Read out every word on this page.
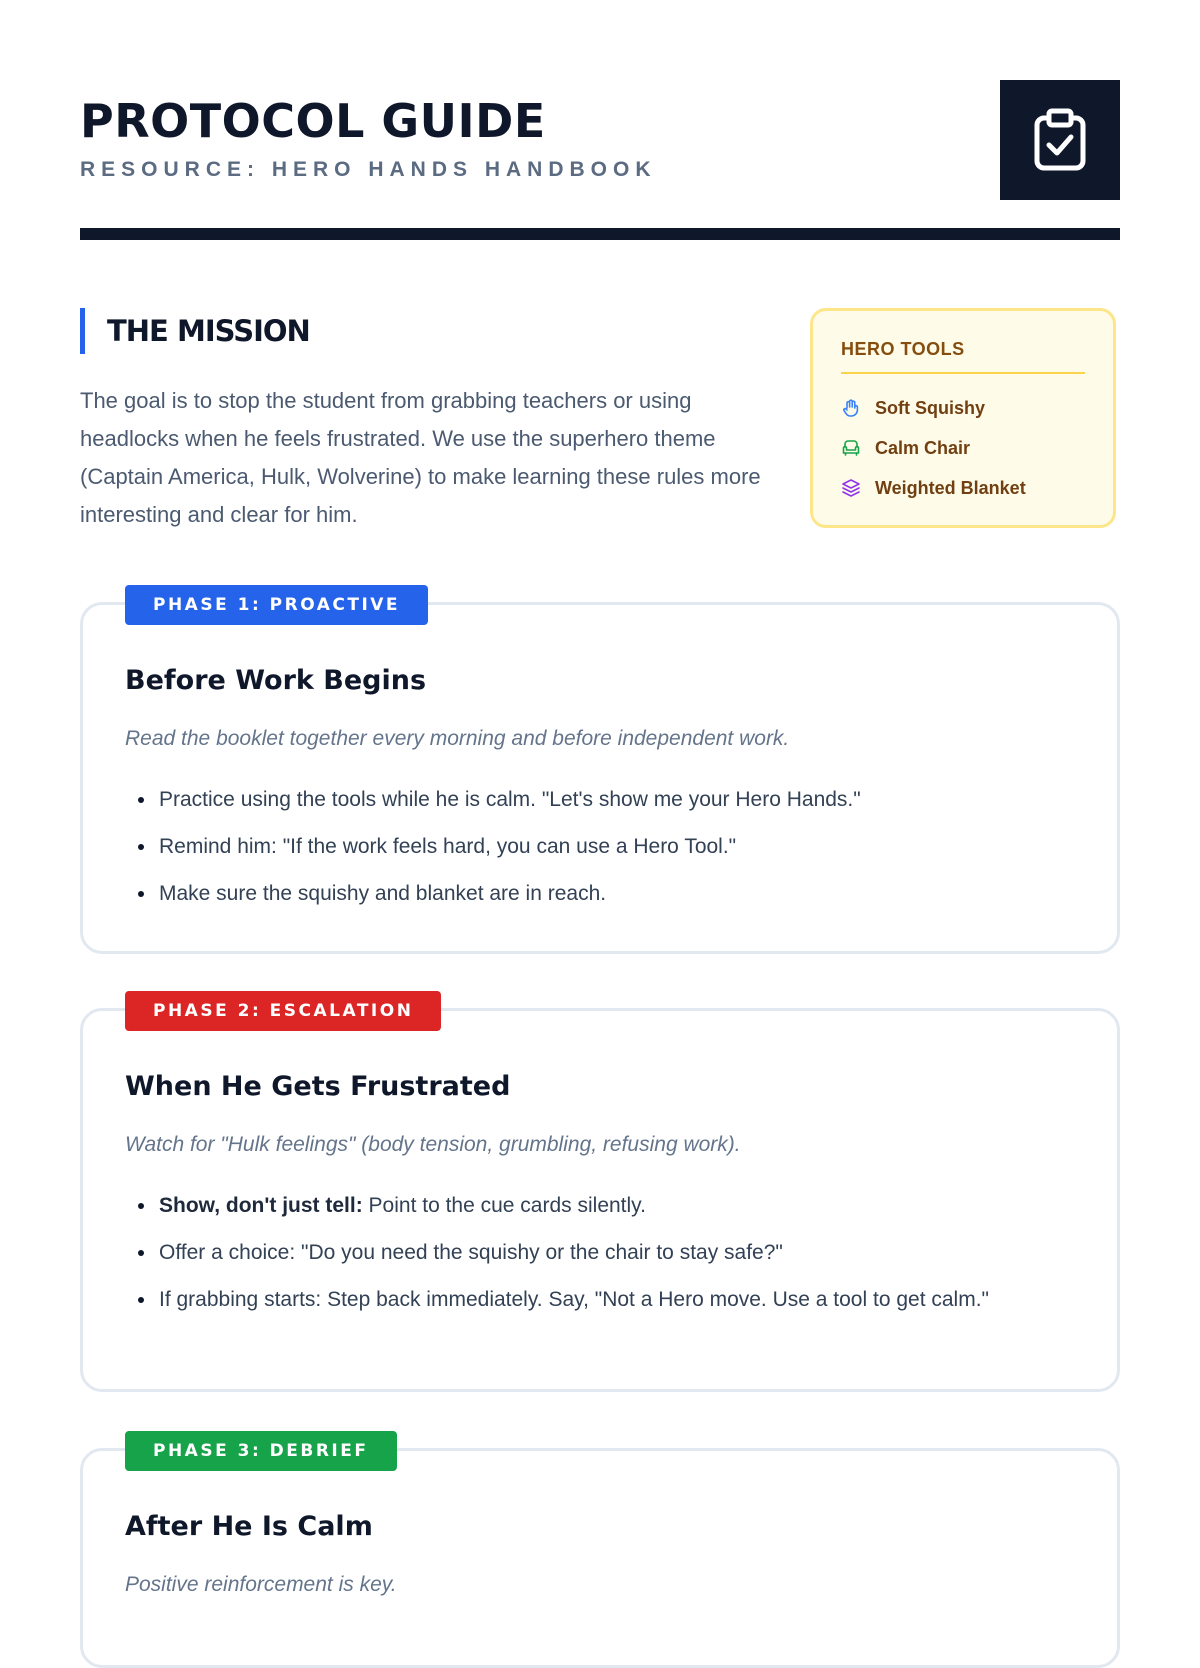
PROTOCOL GUIDE
RESOURCE: HERO HANDS HANDBOOK
THE MISSION

The goal is to stop the student from grabbing teachers or using headlocks when he feels frustrated. We use the superhero theme (Captain America, Hulk, Wolverine) to make learning these rules more interesting and clear for him.

HERO TOOLS
Soft Squishy
Calm Chair
Weighted Blanket
PHASE 1: PROACTIVE
Before Work Begins
Read the booklet together every morning and before independent work.
• Practice using the tools while he is calm. "Let's show me your Hero Hands."
• Remind him: "If the work feels hard, you can use a Hero Tool."
• Make sure the squishy and blanket are in reach.
PHASE 2: ESCALATION
When He Gets Frustrated
Watch for "Hulk feelings" (body tension, grumbling, refusing work).
• Show, don't just tell: Point to the cue cards silently.
• Offer a choice: "Do you need the squishy or the chair to stay safe?"
• If grabbing starts: Step back immediately. Say, "Not a Hero move. Use a tool to get calm."
PHASE 3: DEBRIEF
After He Is Calm
Positive reinforcement is key.
